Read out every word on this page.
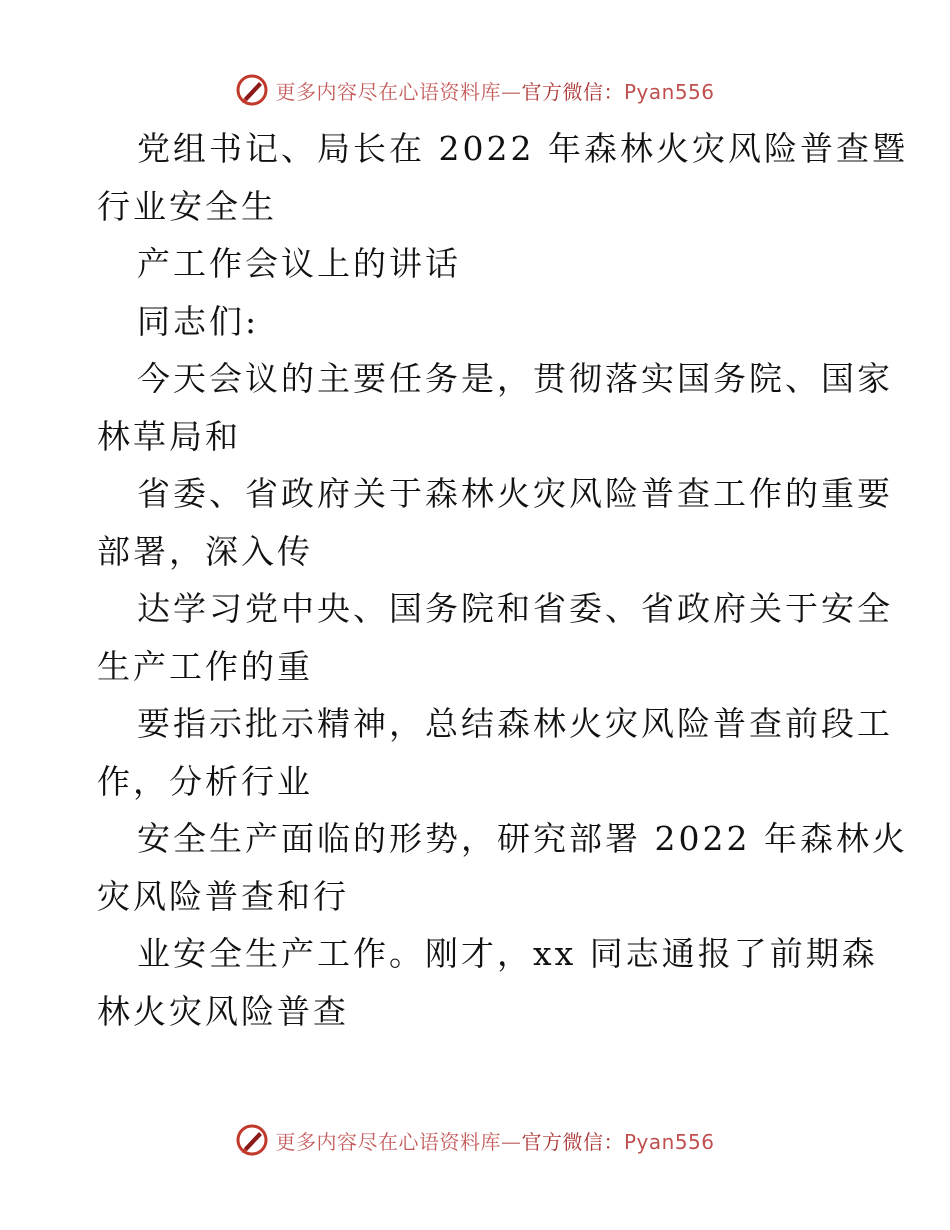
更多内容尽在心语资料库—官方微信：Pyan556
党组书记、局长在 2022 年森林火灾风险普查暨
行业安全生
产工作会议上的讲话
同志们:
今天会议的主要任务是，贯彻落实国务院、国家
林草局和
省委、省政府关于森林火灾风险普查工作的重要
部署，深入传
达学习党中央、国务院和省委、省政府关于安全
生产工作的重
要指示批示精神，总结森林火灾风险普查前段工
作，分析行业
安全生产面临的形势，研究部署 2022 年森林火
灾风险普查和行
业安全生产工作。刚才，xx 同志通报了前期森
林火灾风险普查
更多内容尽在心语资料库—官方微信：Pyan556
